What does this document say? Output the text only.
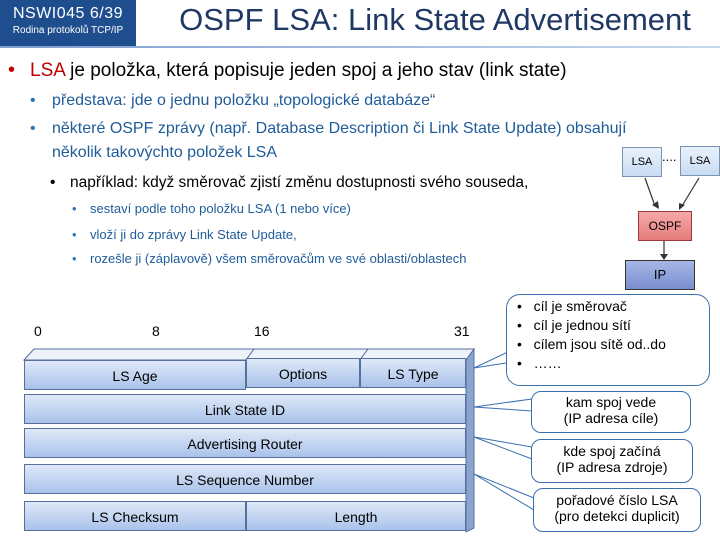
NSWI045 6/39
Rodina protokolů TCP/IP	OSPF LSA: Link State Advertisement
• LSA je položka, která popisuje jeden spoj a jeho stav (link state)
• představa: jde o jednu položku „topologické databáze“
• některé OSPF zprávy (např. Database Description či Link State Update) obsahují
několik takovýchto položek LSA
• například: když směrovač zjistí změnu dostupnosti svého souseda,
• sestaví podle toho položku LSA (1 nebo více)
• vloží ji do zprávy Link State Update,
• rozešle ji (záplavově) všem směrovačům ve své oblasti/oblastech
LSA ....	LSA
OSPF
IP
0	8	16	31
LS Age	Options	LS Type
Link State ID
Advertising Router
LS Sequence Number
LS Checksum	Length
•   cíl je směrovač
•   cíl je jednou sítí
•   cílem jsou sítě od..do
•   ……
kam spoj vede
(IP adresa cíle)
kde spoj začíná
(IP adresa zdroje)
pořadové číslo LSA
(pro detekci duplicit)
